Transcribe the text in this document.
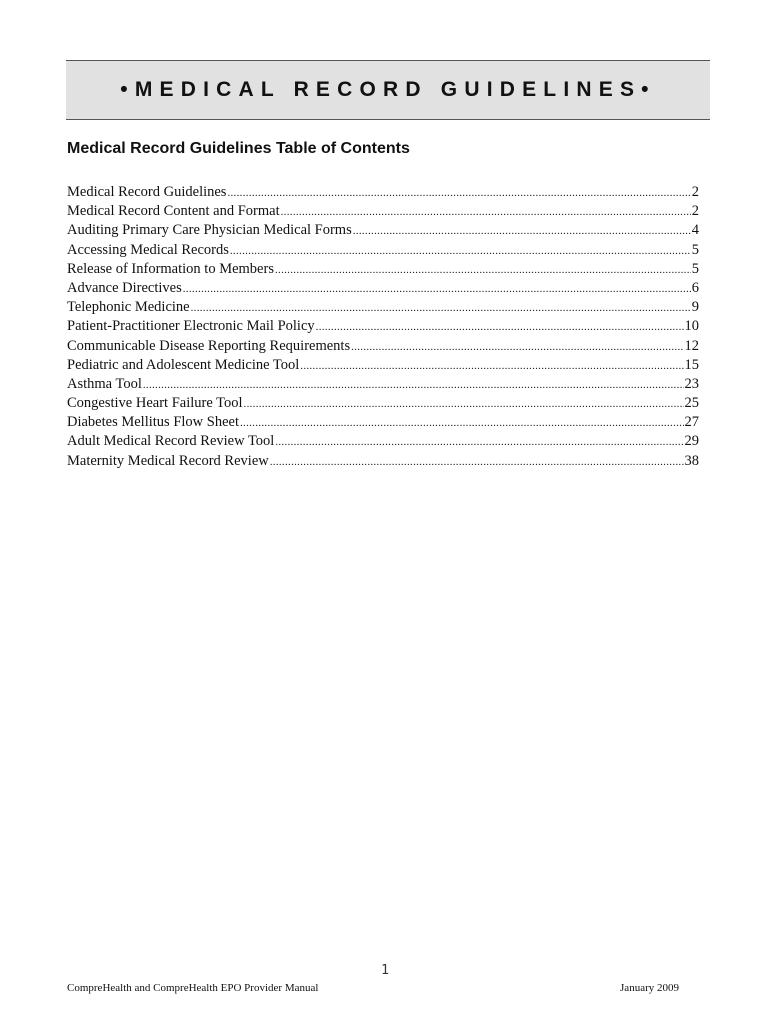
•MEDICAL RECORD GUIDELINES•
Medical Record Guidelines Table of Contents
Medical Record Guidelines .....	2
Medical Record Content and Format .....	2
Auditing Primary Care Physician Medical Forms .....	4
Accessing Medical Records .....	5
Release of Information to Members .....	5
Advance Directives .....	6
Telephonic Medicine .....	9
Patient-Practitioner Electronic Mail Policy .....	10
Communicable Disease Reporting Requirements .....	12
Pediatric and Adolescent Medicine Tool .....	15
Asthma Tool .....	23
Congestive Heart Failure Tool .....	25
Diabetes Mellitus Flow Sheet .....	27
Adult Medical Record Review Tool .....	29
Maternity Medical Record Review .....	38
1
CompreHealth and CompreHealth EPO Provider Manual	January 2009
